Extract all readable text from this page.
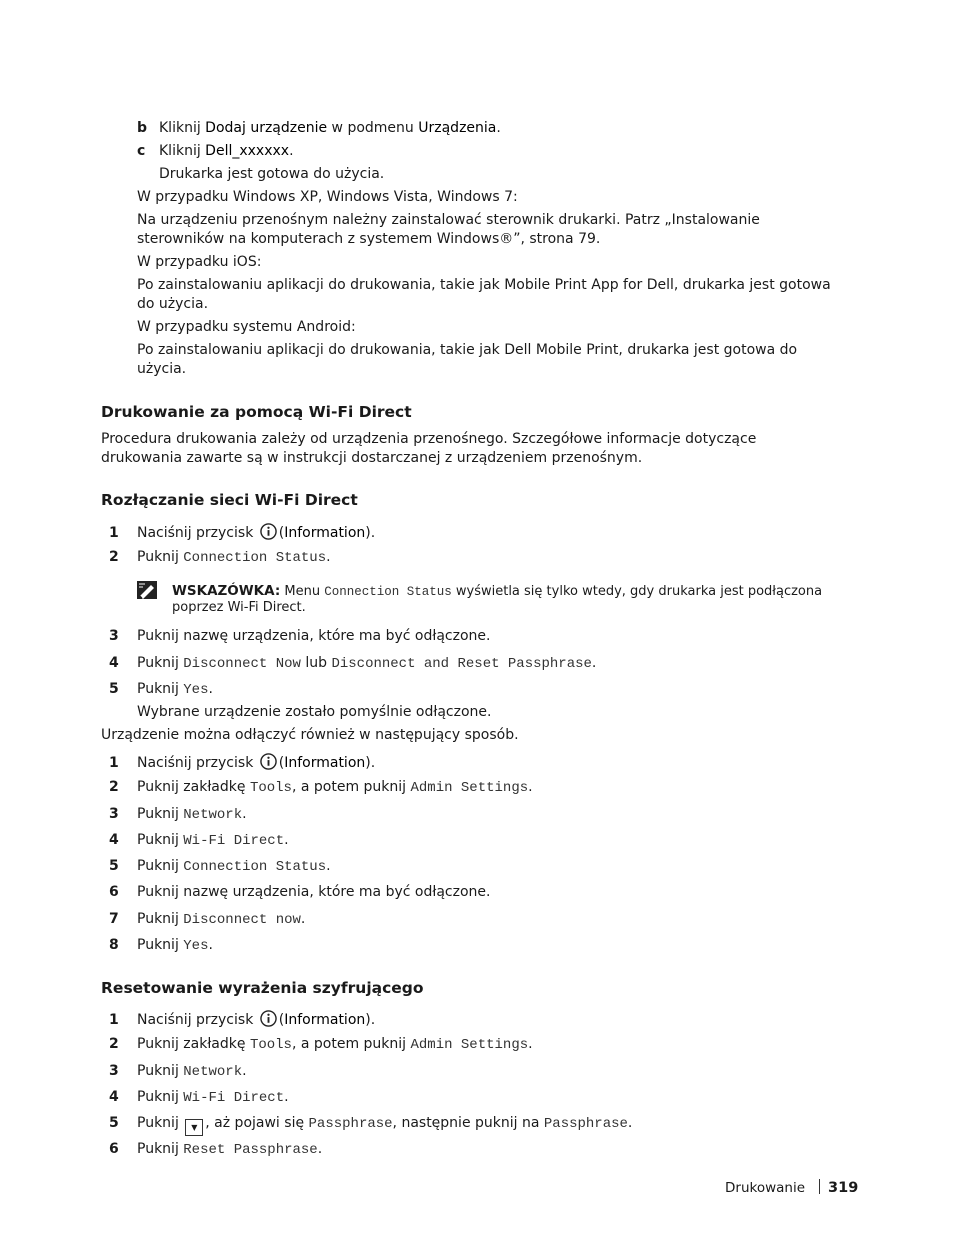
b Kliknij Dodaj urządzenie w podmenu Urządzenia.
c Kliknij Dell_xxxxxx.
Drukarka jest gotowa do użycia.
W przypadku Windows XP, Windows Vista, Windows 7:
Na urządzeniu przenośnym należny zainstalować sterownik drukarki. Patrz „Instalowanie
sterowników na komputerach z systemem Windows®”, strona 79.
W przypadku iOS:
Po zainstalowaniu aplikacji do drukowania, takie jak Mobile Print App for Dell, drukarka jest gotowa
do użycia.
W przypadku systemu Android:
Po zainstalowaniu aplikacji do drukowania, takie jak Dell Mobile Print, drukarka jest gotowa do
użycia.
Drukowanie za pomocą Wi-Fi Direct
Procedura drukowania zależy od urządzenia przenośnego. Szczegółowe informacje dotyczące
drukowania zawarte są w instrukcji dostarczanej z urządzeniem przenośnym.
Rozłączanie sieci Wi-Fi Direct
1 Naciśnij przycisk (Information).
2 Puknij Connection Status.
WSKAZÓWKA: Menu Connection Status wyświetla się tylko wtedy, gdy drukarka jest podłączona
poprzez Wi-Fi Direct.
3 Puknij nazwę urządzenia, które ma być odłączone.
4 Puknij Disconnect Now lub Disconnect and Reset Passphrase.
5 Puknij Yes.
Wybrane urządzenie zostało pomyślnie odłączone.
Urządzenie można odłączyć również w następujący sposób.
1 Naciśnij przycisk (Information).
2 Puknij zakładkę Tools, a potem puknij Admin Settings.
3 Puknij Network.
4 Puknij Wi-Fi Direct.
5 Puknij Connection Status.
6 Puknij nazwę urządzenia, które ma być odłączone.
7 Puknij Disconnect now.
8 Puknij Yes.
Resetowanie wyrażenia szyfrującego
1 Naciśnij przycisk (Information).
2 Puknij zakładkę Tools, a potem puknij Admin Settings.
3 Puknij Network.
4 Puknij Wi-Fi Direct.
5 Puknij ▼ , aż pojawi się Passphrase, następnie puknij na Passphrase.
6 Puknij Reset Passphrase.
Drukowanie 319
